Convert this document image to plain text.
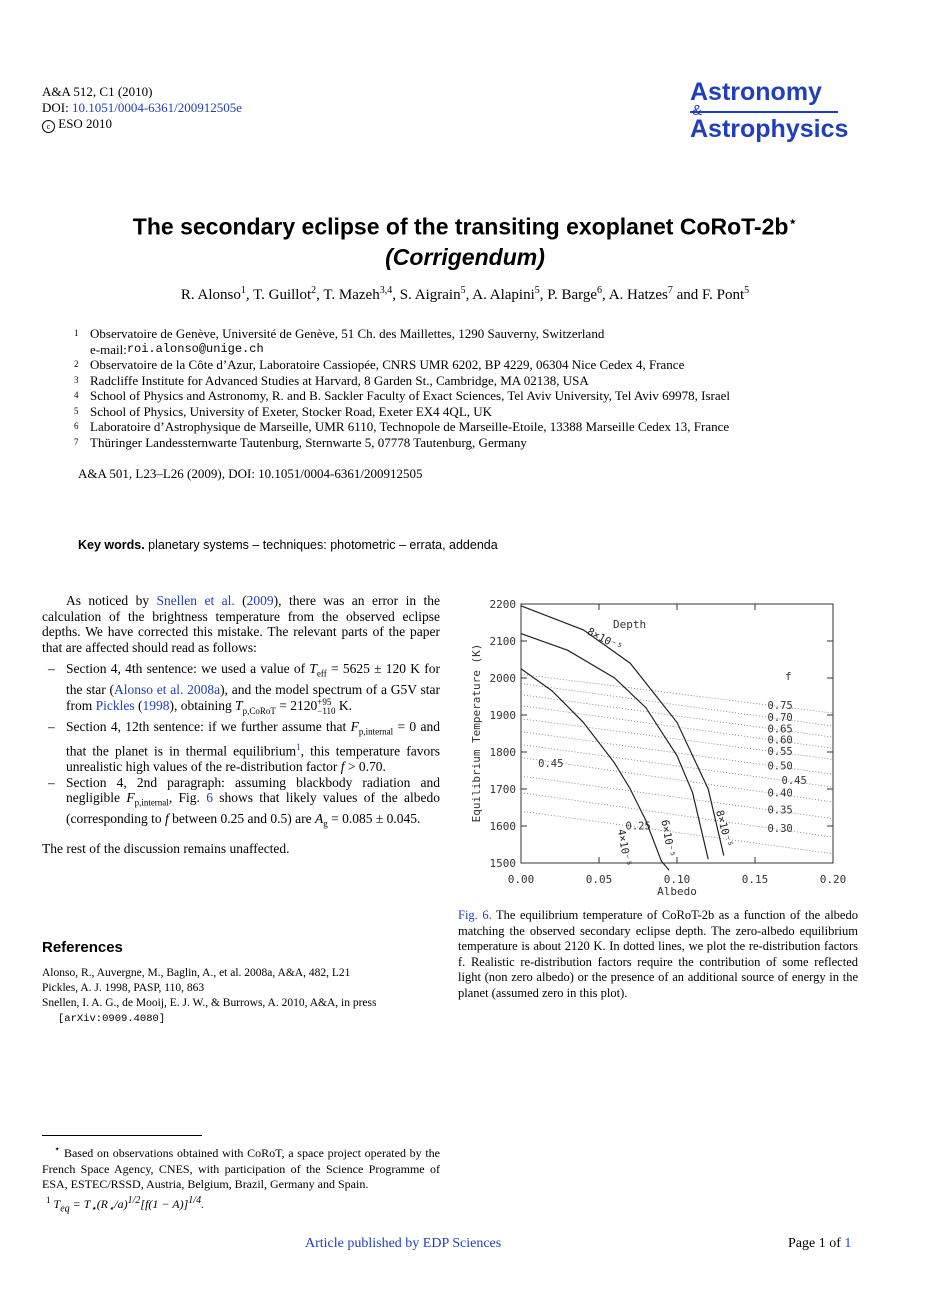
A&A 512, C1 (2010)
DOI: 10.1051/0004-6361/200912505e
c ESO 2010
Astronomy
&
Astrophysics
The secondary eclipse of the transiting exoplanet CoRoT-2b⋆
(Corrigendum)
R. Alonso$^1$, T. Guillot$^2$, T. Mazeh$^{3,4}$, S. Aigrain$^5$, A. Alapini$^5$, P. Barge$^6$, A. Hatzes$^7$ and F. Pont$^5$
1 Observatoire de Genève, Université de Genève, 51 Ch. des Maillettes, 1290 Sauverny, Switzerland
e-mail: roi.alonso@unige.ch
2 Observatoire de la Côte d’Azur, Laboratoire Cassiopée, CNRS UMR 6202, BP 4229, 06304 Nice Cedex 4, France
3 Radcliffe Institute for Advanced Studies at Harvard, 8 Garden St., Cambridge, MA 02138, USA
4 School of Physics and Astronomy, R. and B. Sackler Faculty of Exact Sciences, Tel Aviv University, Tel Aviv 69978, Israel
5 School of Physics, University of Exeter, Stocker Road, Exeter EX4 4QL, UK
6 Laboratoire d’Astrophysique de Marseille, UMR 6110, Technopole de Marseille-Etoile, 13388 Marseille Cedex 13, France
7 Thüringer Landessternwarte Tautenburg, Sternwarte 5, 07778 Tautenburg, Germany
A&A 501, L23–L26 (2009), DOI: 10.1051/0004-6361/200912505
Key words. planetary systems – techniques: photometric – errata, addenda

As noticed by Snellen et al. (2009), there was an error in the calculation of the brightness temperature from the observed eclipse depths. We have corrected this mistake. The relevant parts of the paper that are affected should read as follows:

– Section 4, 4th sentence: we used a value of $T_{eff} = 5625 \pm 120$ K for the star (Alonso et al. 2008a), and the model spectrum of a G5V star from Pickles (1998), obtaining $T_{p,CoRoT} = 2120 +95$
−110 K.
– Section 4, 12th sentence: if we further assume that $F_{p,internal} = 0$ and that the planet is in thermal equilibrium$^1$, this temperature favors unrealistic high values of the re-distribution factor f > 0.70.
– Section 4, 2nd paragraph: assuming blackbody radiation and negligible $F_{p,internal}$, Fig. 6 shows that likely values of the albedo (corresponding to f between 0.25 and 0.5) are $A_g = 0.085 \pm 0.045$.

The rest of the discussion remains unaffected.

References
Alonso, R., Auvergne, M., Baglin, A., et al. 2008a, A&A, 482, L21
Pickles, A. J. 1998, PASP, 110, 863
Snellen, I. A. G., de Mooij, E. J. W., & Burrows, A. 2010, A&A, in press
[arXiv:0909.4080]
⋆ Based on observations obtained with CoRoT, a space project operated by the French Space Agency, CNES, with participation of the Science Programme of ESA, ESTEC/RSSD, Austria, Belgium, Brazil, Germany and Spain.
$^1$ $T_{eq} = T_⋆(R_⋆/a)^{1/2}[f(1 - A)]^{1/4}$.
0.00	0.05	0.10	0.15	0.20
1500
1600
1700
1800
1900
2000
2100
2200
0.75
0.70
0.65
0.60
0.55
0.50
0.45
0.40
0.35
0.30
0.25
0.45
4×10⁻⁵ 6×10⁻⁵	8×10⁻⁵
8×10⁻⁵
Equilibrium Temperature (K)
Albedo
Depth
f
Fig. 6. The equilibrium temperature of CoRoT-2b as a function of the albedo matching the observed secondary eclipse depth. The zero-albedo equilibrium temperature is about 2120 K. In dotted lines, we plot the re-distribution factors f. Realistic re-distribution factors require the contribution of some reflected light (non zero albedo) or the presence of an additional source of energy in the planet (assumed zero in this plot).
Article published by EDP Sciences	Page 1 of 1
